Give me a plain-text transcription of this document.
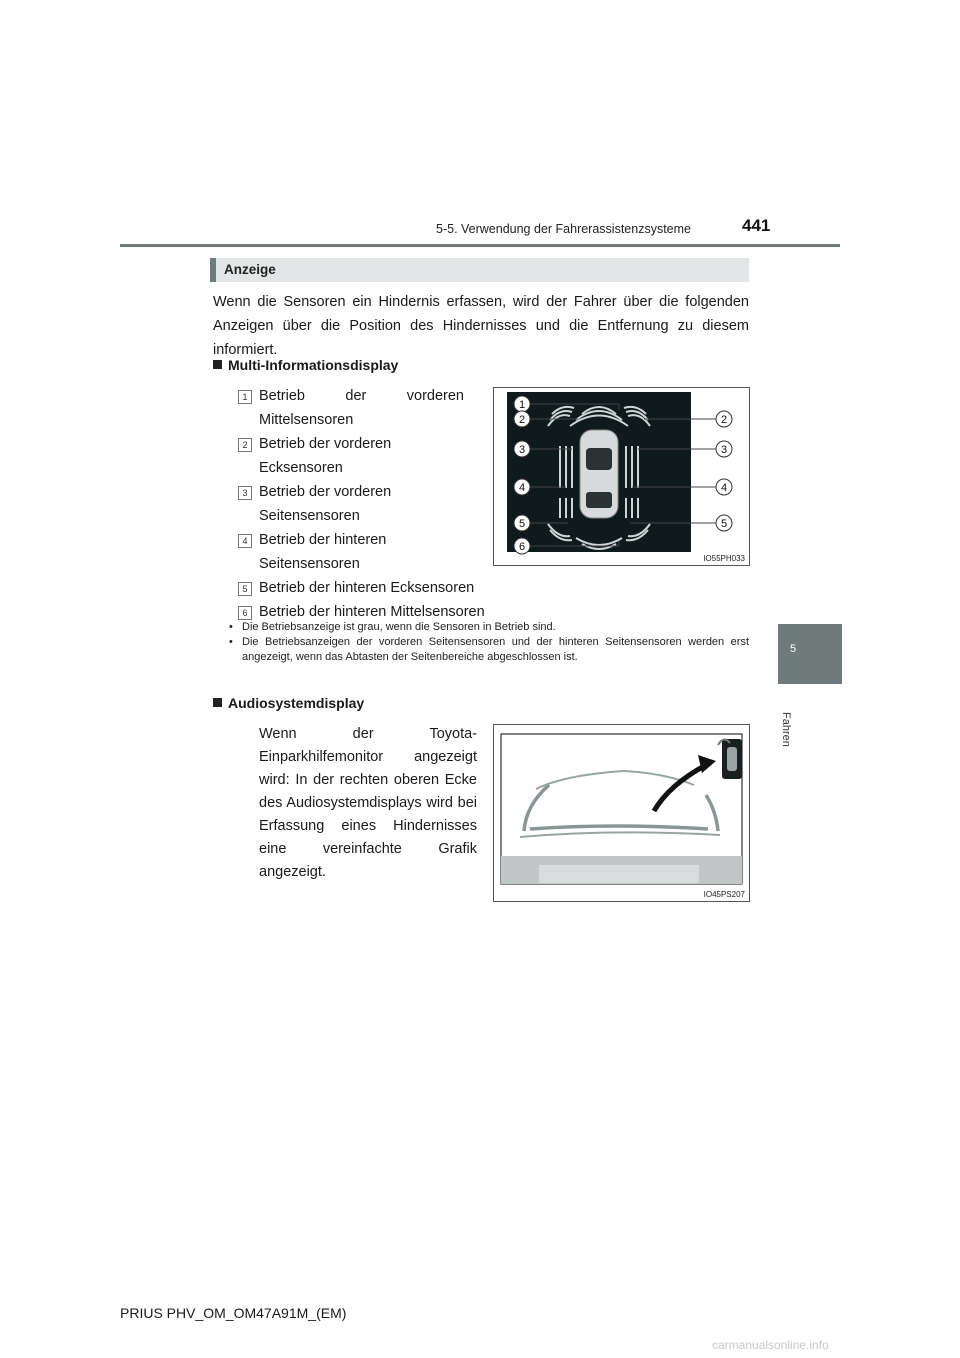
5-5. Verwendung der Fahrerassistenzsysteme	441
5
Fahren
Anzeige
Wenn die Sensoren ein Hindernis erfassen, wird der Fahrer über die folgenden Anzeigen über die Position des Hindernisses und die Entfernung zu diesem informiert.
Multi-Informationsdisplay
1 Betrieb der vorderen Mittelsensoren
2 Betrieb der vorderen Ecksensoren
3 Betrieb der vorderen Seitensensoren
4 Betrieb der hinteren Seitensensoren
5 Betrieb der hinteren Ecksensoren
6 Betrieb der hinteren Mittelsensoren
1
2
3
4
5
6
2
3
4
5
IO55PH033
• Die Betriebsanzeige ist grau, wenn die Sensoren in Betrieb sind.
• Die Betriebsanzeigen der vorderen Seitensensoren und der hinteren Seitensensoren werden erst angezeigt, wenn das Abtasten der Seitenbereiche abgeschlossen ist.
Audiosystemdisplay
Wenn der Toyota-Einparkhilfemonitor angezeigt wird: In der rechten oberen Ecke des Audiosystemdisplays wird bei Erfassung eines Hindernisses eine vereinfachte Grafik angezeigt.
IO45PS207
PRIUS PHV_OM_OM47A91M_(EM)
carmanualsonline.info
